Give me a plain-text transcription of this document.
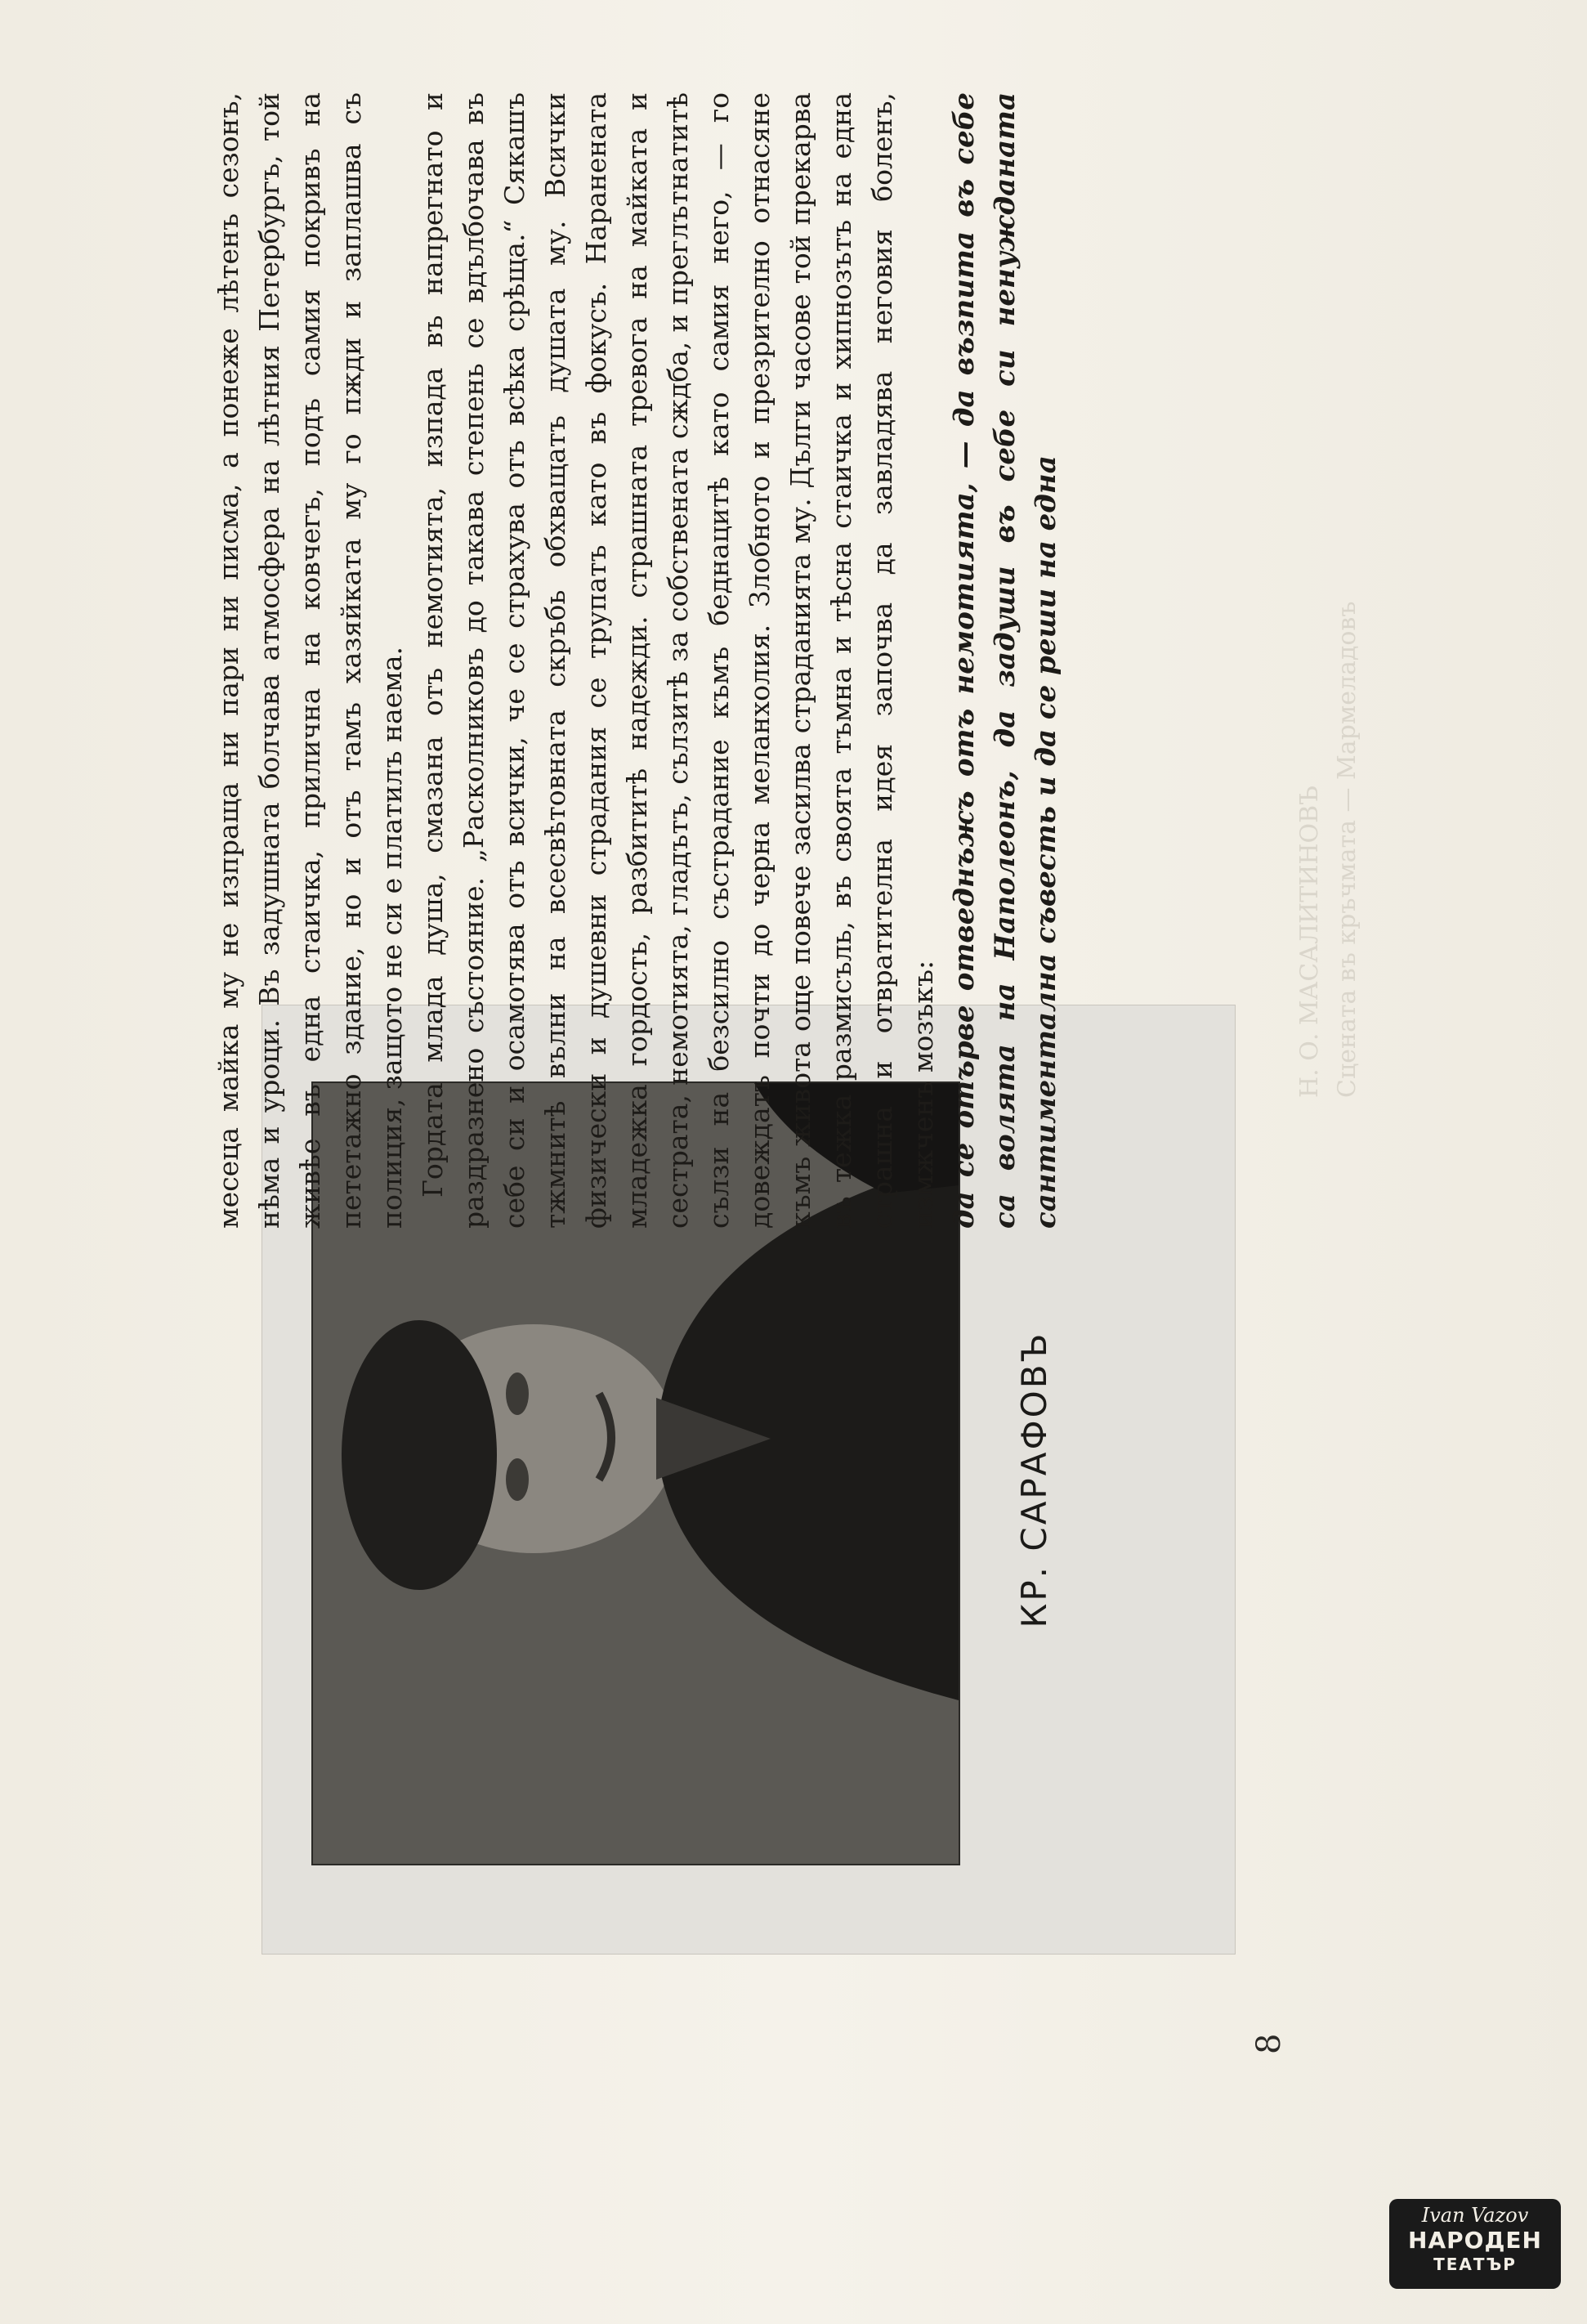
8
КР. САРАФОВЪ

месеца майка му не изпраща ни пари ни писма, а понеже лѣтенъ сезонъ, нѣма и уроци. Въ задушната болчава атмосфера на лѣтния Петербургъ, той живѣе въ една стаичка, прилична на ковчегъ, подъ самия покривъ на пететажно здание, но и отъ тамъ хазяйката му го пжди и заплашва съ полиция, защото не си е платилъ наема. Гордата млада душа, смазана отъ немотията, изпада въ напрегнато и раздразнено състояние. „Расколниковъ до такава степень се вдълбочава въ себе си и осамотява отъ всички, че се страхува отъ всѣка срѣща.“ Сякашъ тжмнитѣ вълни на всесвѣтовната скръбь обхващатъ душата му. Всички физически и душевни страдания се трупатъ като въ фокусъ. Наранената младежка гордость, разбититѣ надежди. страшната тревога на майката и сестрата, немотията, гладътъ, сълзитѣ за собствената сждба, и преглътнатитѣ сълзи на безсилно състрадание къмъ беднацитѣ като самия него, — го довеждатъ почти до черна меланхолия. Злобното и презрително отнасяне къмъ живота още повече засилва страданията му. Дълги часове той прекарва въ тежка размисъль, въ своята тъмна и тѣсна стаичка и хипнозътъ на една страшна и отвратителна идея започва да завладява неговия боленъ, измжченъ мозъкъ: да се отърве отведнъжъ отъ немотията, — да възпита въ себе са волята на Наполеонъ, да задуши въ себе си ненужданата сантиментална съвесть и да се реши на една	Н. О. МАСАЛИТИНОВЪ Сцената въ кръчмата — Мармеладовъ
Ivan Vazov
НАРОДЕН
ТЕАТЪР
